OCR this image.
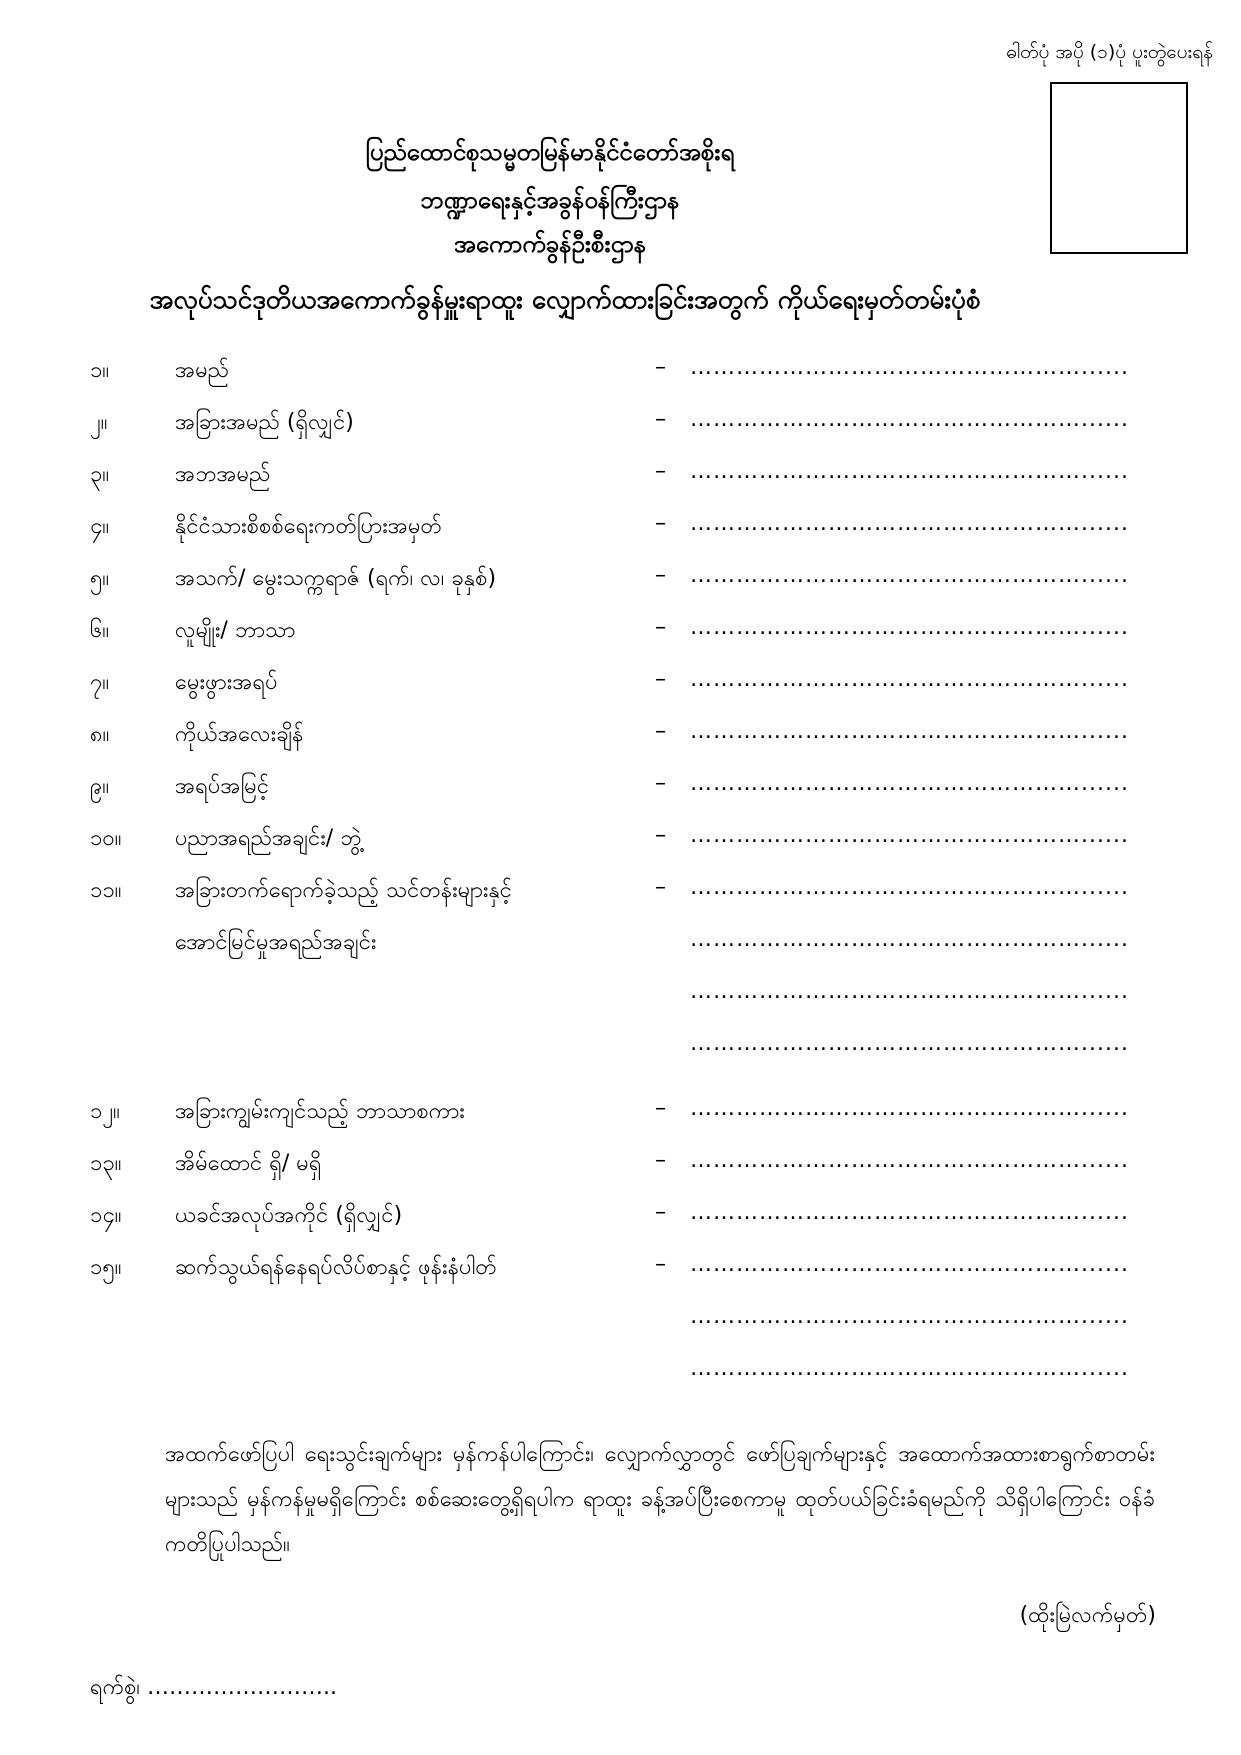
ဓါတ်ပုံ အပို (၁)ပုံ ပူးတွဲပေးရန်
ပြည်ထောင်စုသမ္မတမြန်မာနိုင်ငံတော်အစိုးရ
ဘဏ္ဍာရေးနှင့်အခွန်ဝန်ကြီးဌာန
အကောက်ခွန်ဦးစီးဌာန
အလုပ်သင်ဒုတိယအကောက်ခွန်မှူးရာထူး လျှောက်ထားခြင်းအတွက် ကိုယ်ရေးမှတ်တမ်းပုံစံ
၁။	အမည်	– ……………………………………………......
၂။	အခြားအမည် (ရှိလျှင်)	– ……………………………………………......
၃။	အဘအမည်	– ……………………………………………......
၄။	နိုင်ငံသားစိစစ်ရေးကတ်ပြားအမှတ်	– ……………………………………………......
၅။	အသက်/ မွေးသက္ကရာဇ် (ရက်၊ လ၊ ခုနှစ်)	– ……………………………………………......
၆။	လူမျိုး/ ဘာသာ	– ……………………………………………......
၇။	မွေးဖွားအရပ်	– ……………………………………………......
၈။	ကိုယ်အလေးချိန်	– ……………………………………………......
၉။	အရပ်အမြင့်	– ……………………………………………......
၁၀။ ပညာအရည်အချင်း/ ဘွဲ့	– ……………………………………………......
၁၁။ အခြားတက်ရောက်ခဲ့သည့် သင်တန်းများနှင့်	– ……………………………………………......
အောင်မြင်မှုအရည်အချင်း	……………………………………………......
……………………………………………......
……………………………………………......
၁၂။	အခြားကျွမ်းကျင်သည့် ဘာသာစကား	– ……………………………………………......
၁၃။ အိမ်ထောင် ရှိ/ မရှိ	– ……………………………………………......
၁၄။ ယခင်အလုပ်အကိုင် (ရှိလျှင်)	– ……………………………………………......
၁၅။ ဆက်သွယ်ရန်နေရပ်လိပ်စာနှင့် ဖုန်းနံပါတ်	– ……………………………………………......
……………………………………………......
……………………………………………......
အထက်ဖော်ပြပါ ရေးသွင်းချက်များ မှန်ကန်ပါကြောင်း၊ လျှောက်လွှာတွင် ဖော်ပြချက်များနှင့် အထောက်အထားစာရွက်စာတမ်းများသည် မှန်ကန်မှုမရှိကြောင်း စစ်ဆေးတွေ့ရှိရပါက ရာထူး ခန့်အပ်ပြီးစေကာမူ ထုတ်ပယ်ခြင်းခံရမည်ကို သိရှိပါကြောင်း ဝန်ခံကတိပြုပါသည်။
(ထိုးမြဲလက်မှတ်)
ရက်စွဲ၊ ……………………..
